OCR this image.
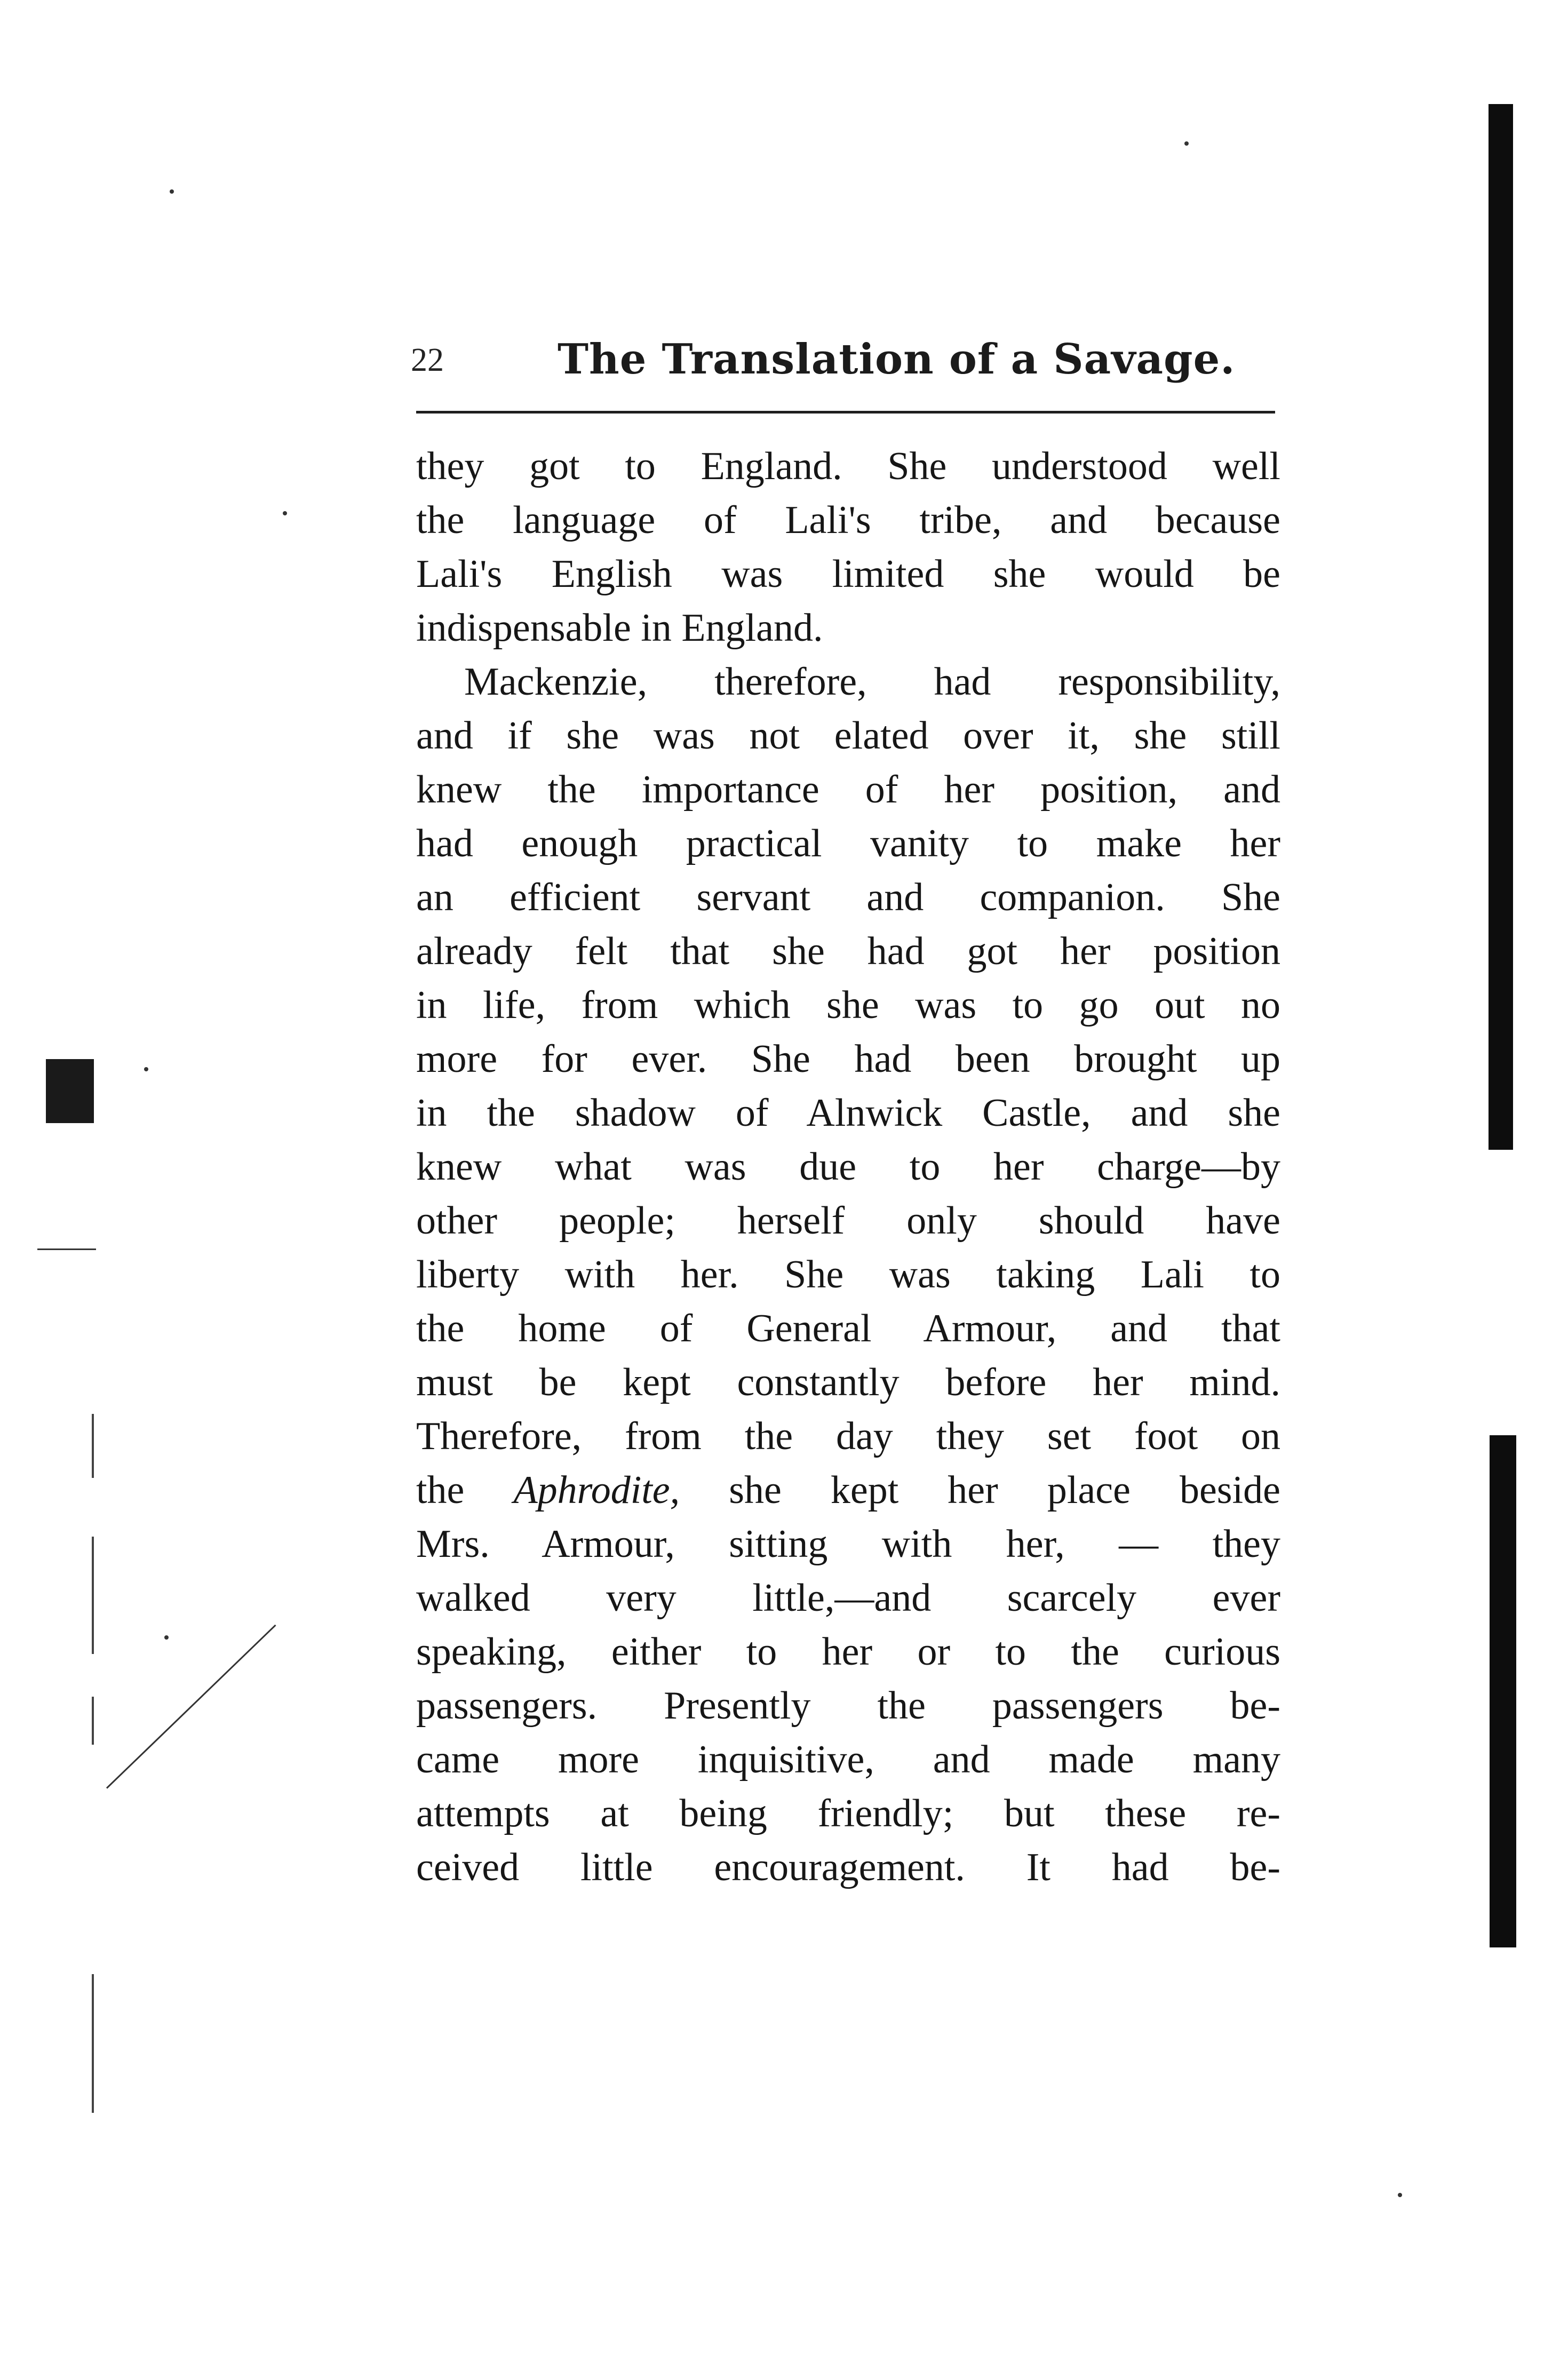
22	The Translation of a Savage.
they got to England. She understood well
the language of Lali's tribe, and because
Lali's English was limited she would be
indispensable in England.
Mackenzie, therefore, had responsibility,
and if she was not elated over it, she still
knew the importance of her position, and
had enough practical vanity to make her
an efficient servant and companion. She
already felt that she had got her position
in life, from which she was to go out no
more for ever. She had been brought up
in the shadow of Alnwick Castle, and she
knew what was due to her charge—by
other people; herself only should have
liberty with her. She was taking Lali to
the home of General Armour, and that
must be kept constantly before her mind.
Therefore, from the day they set foot on
the Aphrodite, she kept her place beside
Mrs. Armour, sitting with her, — they
walked very little,—and scarcely ever
speaking, either to her or to the curious
passengers. Presently the passengers be-
came more inquisitive, and made many
attempts at being friendly; but these re-
ceived little encouragement. It had be-
